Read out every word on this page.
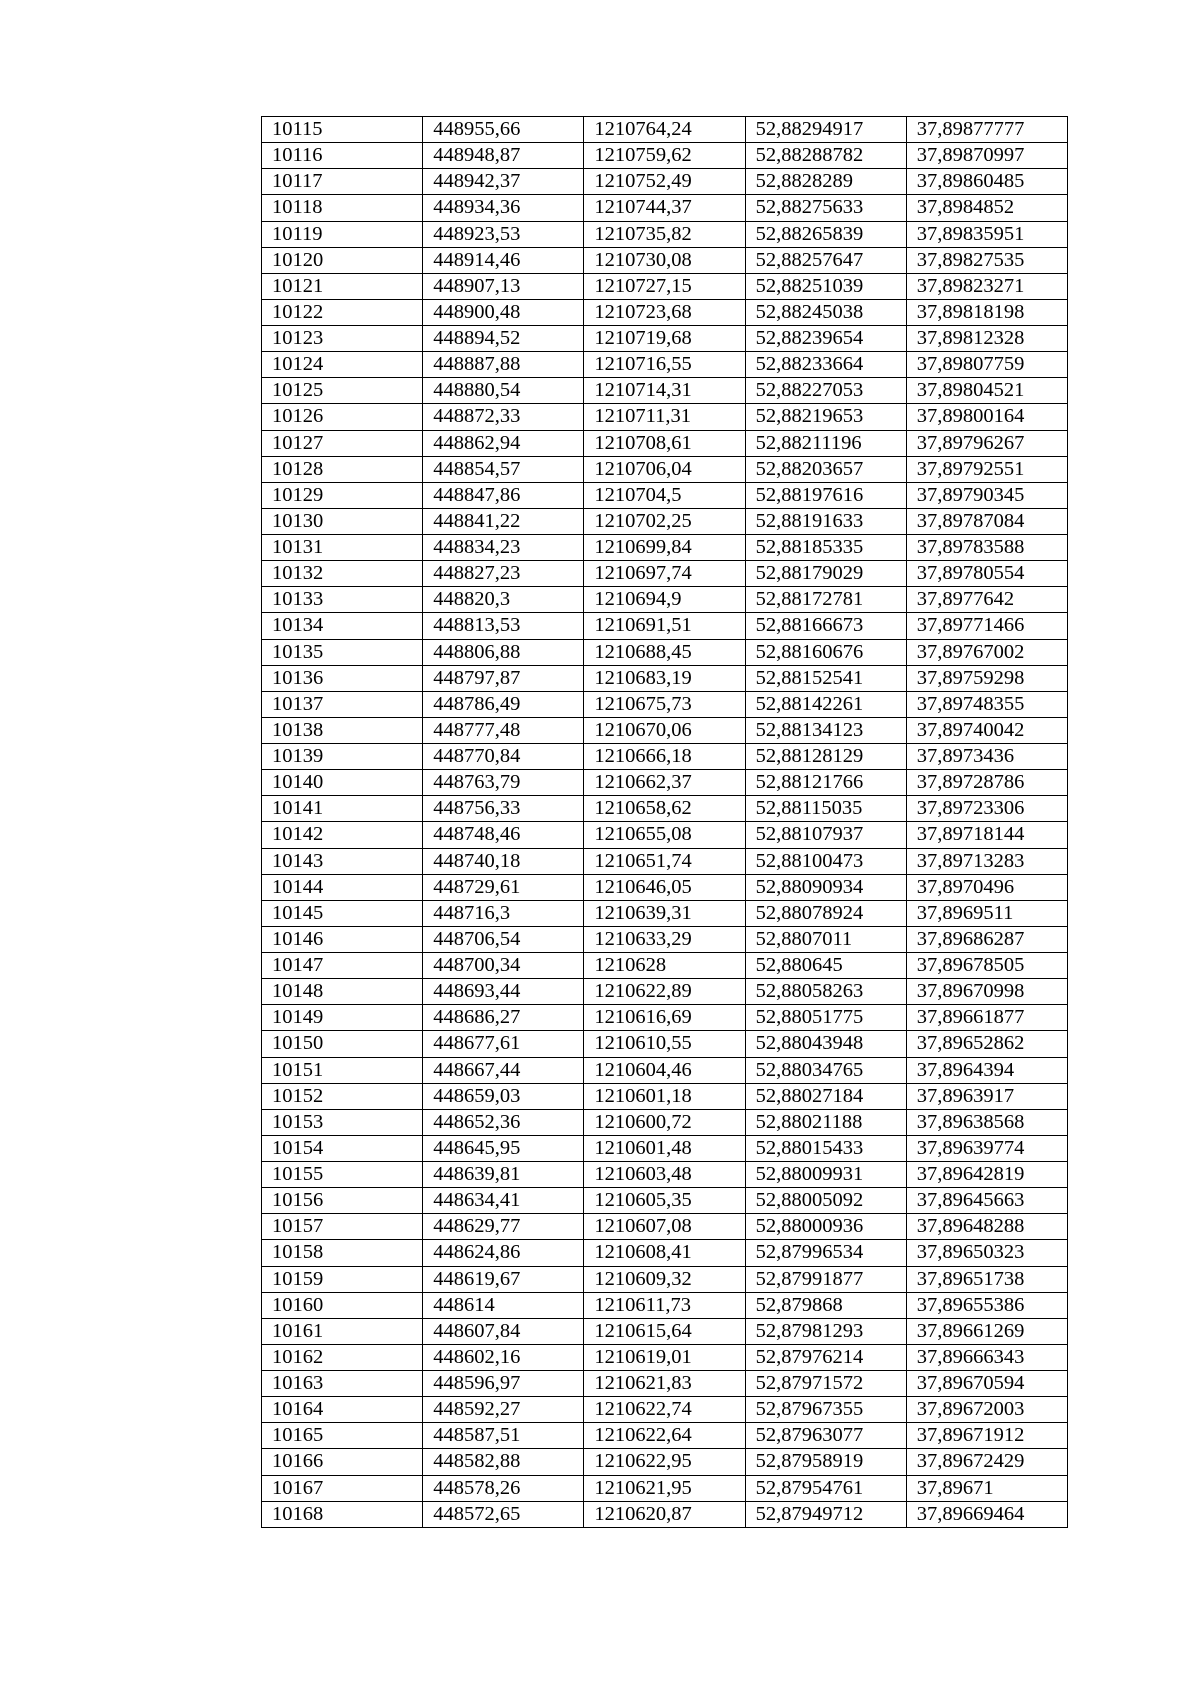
10115	448955,66	1210764,24	52,88294917	37,89877777
10116	448948,87	1210759,62	52,88288782	37,89870997
10117	448942,37	1210752,49	52,8828289	37,89860485
10118	448934,36	1210744,37	52,88275633	37,8984852
10119	448923,53	1210735,82	52,88265839	37,89835951
10120	448914,46	1210730,08	52,88257647	37,89827535
10121	448907,13	1210727,15	52,88251039	37,89823271
10122	448900,48	1210723,68	52,88245038	37,89818198
10123	448894,52	1210719,68	52,88239654	37,89812328
10124	448887,88	1210716,55	52,88233664	37,89807759
10125	448880,54	1210714,31	52,88227053	37,89804521
10126	448872,33	1210711,31	52,88219653	37,89800164
10127	448862,94	1210708,61	52,88211196	37,89796267
10128	448854,57	1210706,04	52,88203657	37,89792551
10129	448847,86	1210704,5	52,88197616	37,89790345
10130	448841,22	1210702,25	52,88191633	37,89787084
10131	448834,23	1210699,84	52,88185335	37,89783588
10132	448827,23	1210697,74	52,88179029	37,89780554
10133	448820,3	1210694,9	52,88172781	37,8977642
10134	448813,53	1210691,51	52,88166673	37,89771466
10135	448806,88	1210688,45	52,88160676	37,89767002
10136	448797,87	1210683,19	52,88152541	37,89759298
10137	448786,49	1210675,73	52,88142261	37,89748355
10138	448777,48	1210670,06	52,88134123	37,89740042
10139	448770,84	1210666,18	52,88128129	37,8973436
10140	448763,79	1210662,37	52,88121766	37,89728786
10141	448756,33	1210658,62	52,88115035	37,89723306
10142	448748,46	1210655,08	52,88107937	37,89718144
10143	448740,18	1210651,74	52,88100473	37,89713283
10144	448729,61	1210646,05	52,88090934	37,8970496
10145	448716,3	1210639,31	52,88078924	37,8969511
10146	448706,54	1210633,29	52,8807011	37,89686287
10147	448700,34	1210628	52,880645	37,89678505
10148	448693,44	1210622,89	52,88058263	37,89670998
10149	448686,27	1210616,69	52,88051775	37,89661877
10150	448677,61	1210610,55	52,88043948	37,89652862
10151	448667,44	1210604,46	52,88034765	37,8964394
10152	448659,03	1210601,18	52,88027184	37,8963917
10153	448652,36	1210600,72	52,88021188	37,89638568
10154	448645,95	1210601,48	52,88015433	37,89639774
10155	448639,81	1210603,48	52,88009931	37,89642819
10156	448634,41	1210605,35	52,88005092	37,89645663
10157	448629,77	1210607,08	52,88000936	37,89648288
10158	448624,86	1210608,41	52,87996534	37,89650323
10159	448619,67	1210609,32	52,87991877	37,89651738
10160	448614	1210611,73	52,879868	37,89655386
10161	448607,84	1210615,64	52,87981293	37,89661269
10162	448602,16	1210619,01	52,87976214	37,89666343
10163	448596,97	1210621,83	52,87971572	37,89670594
10164	448592,27	1210622,74	52,87967355	37,89672003
10165	448587,51	1210622,64	52,87963077	37,89671912
10166	448582,88	1210622,95	52,87958919	37,89672429
10167	448578,26	1210621,95	52,87954761	37,89671
10168	448572,65	1210620,87	52,87949712	37,89669464
